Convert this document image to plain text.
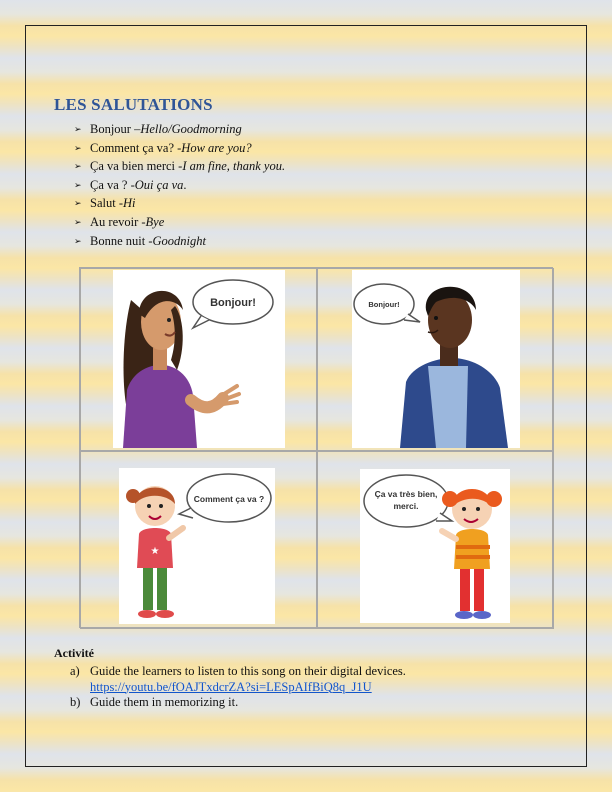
LES SALUTATIONS
➢ Bonjour – Hello/Goodmorning
➢ Comment ça va? - How are you?
➢ Ça va bien merci - I am fine, thank you.
➢ Ça va ? - Oui ça va .
➢ Salut - Hi
➢ Au revoir - Bye
➢ Bonne nuit - Goodnight
Bonjour!	Bonjour!
Comment ça va ?
★
Ça va très bien,
merci.
Activité
a) Guide the learners to listen to this song on their digital devices.
https://youtu.be/fOAJTxdcrZA?si=LESpAIfBiQ8q_J1U
b) Guide them in memorizing it.
